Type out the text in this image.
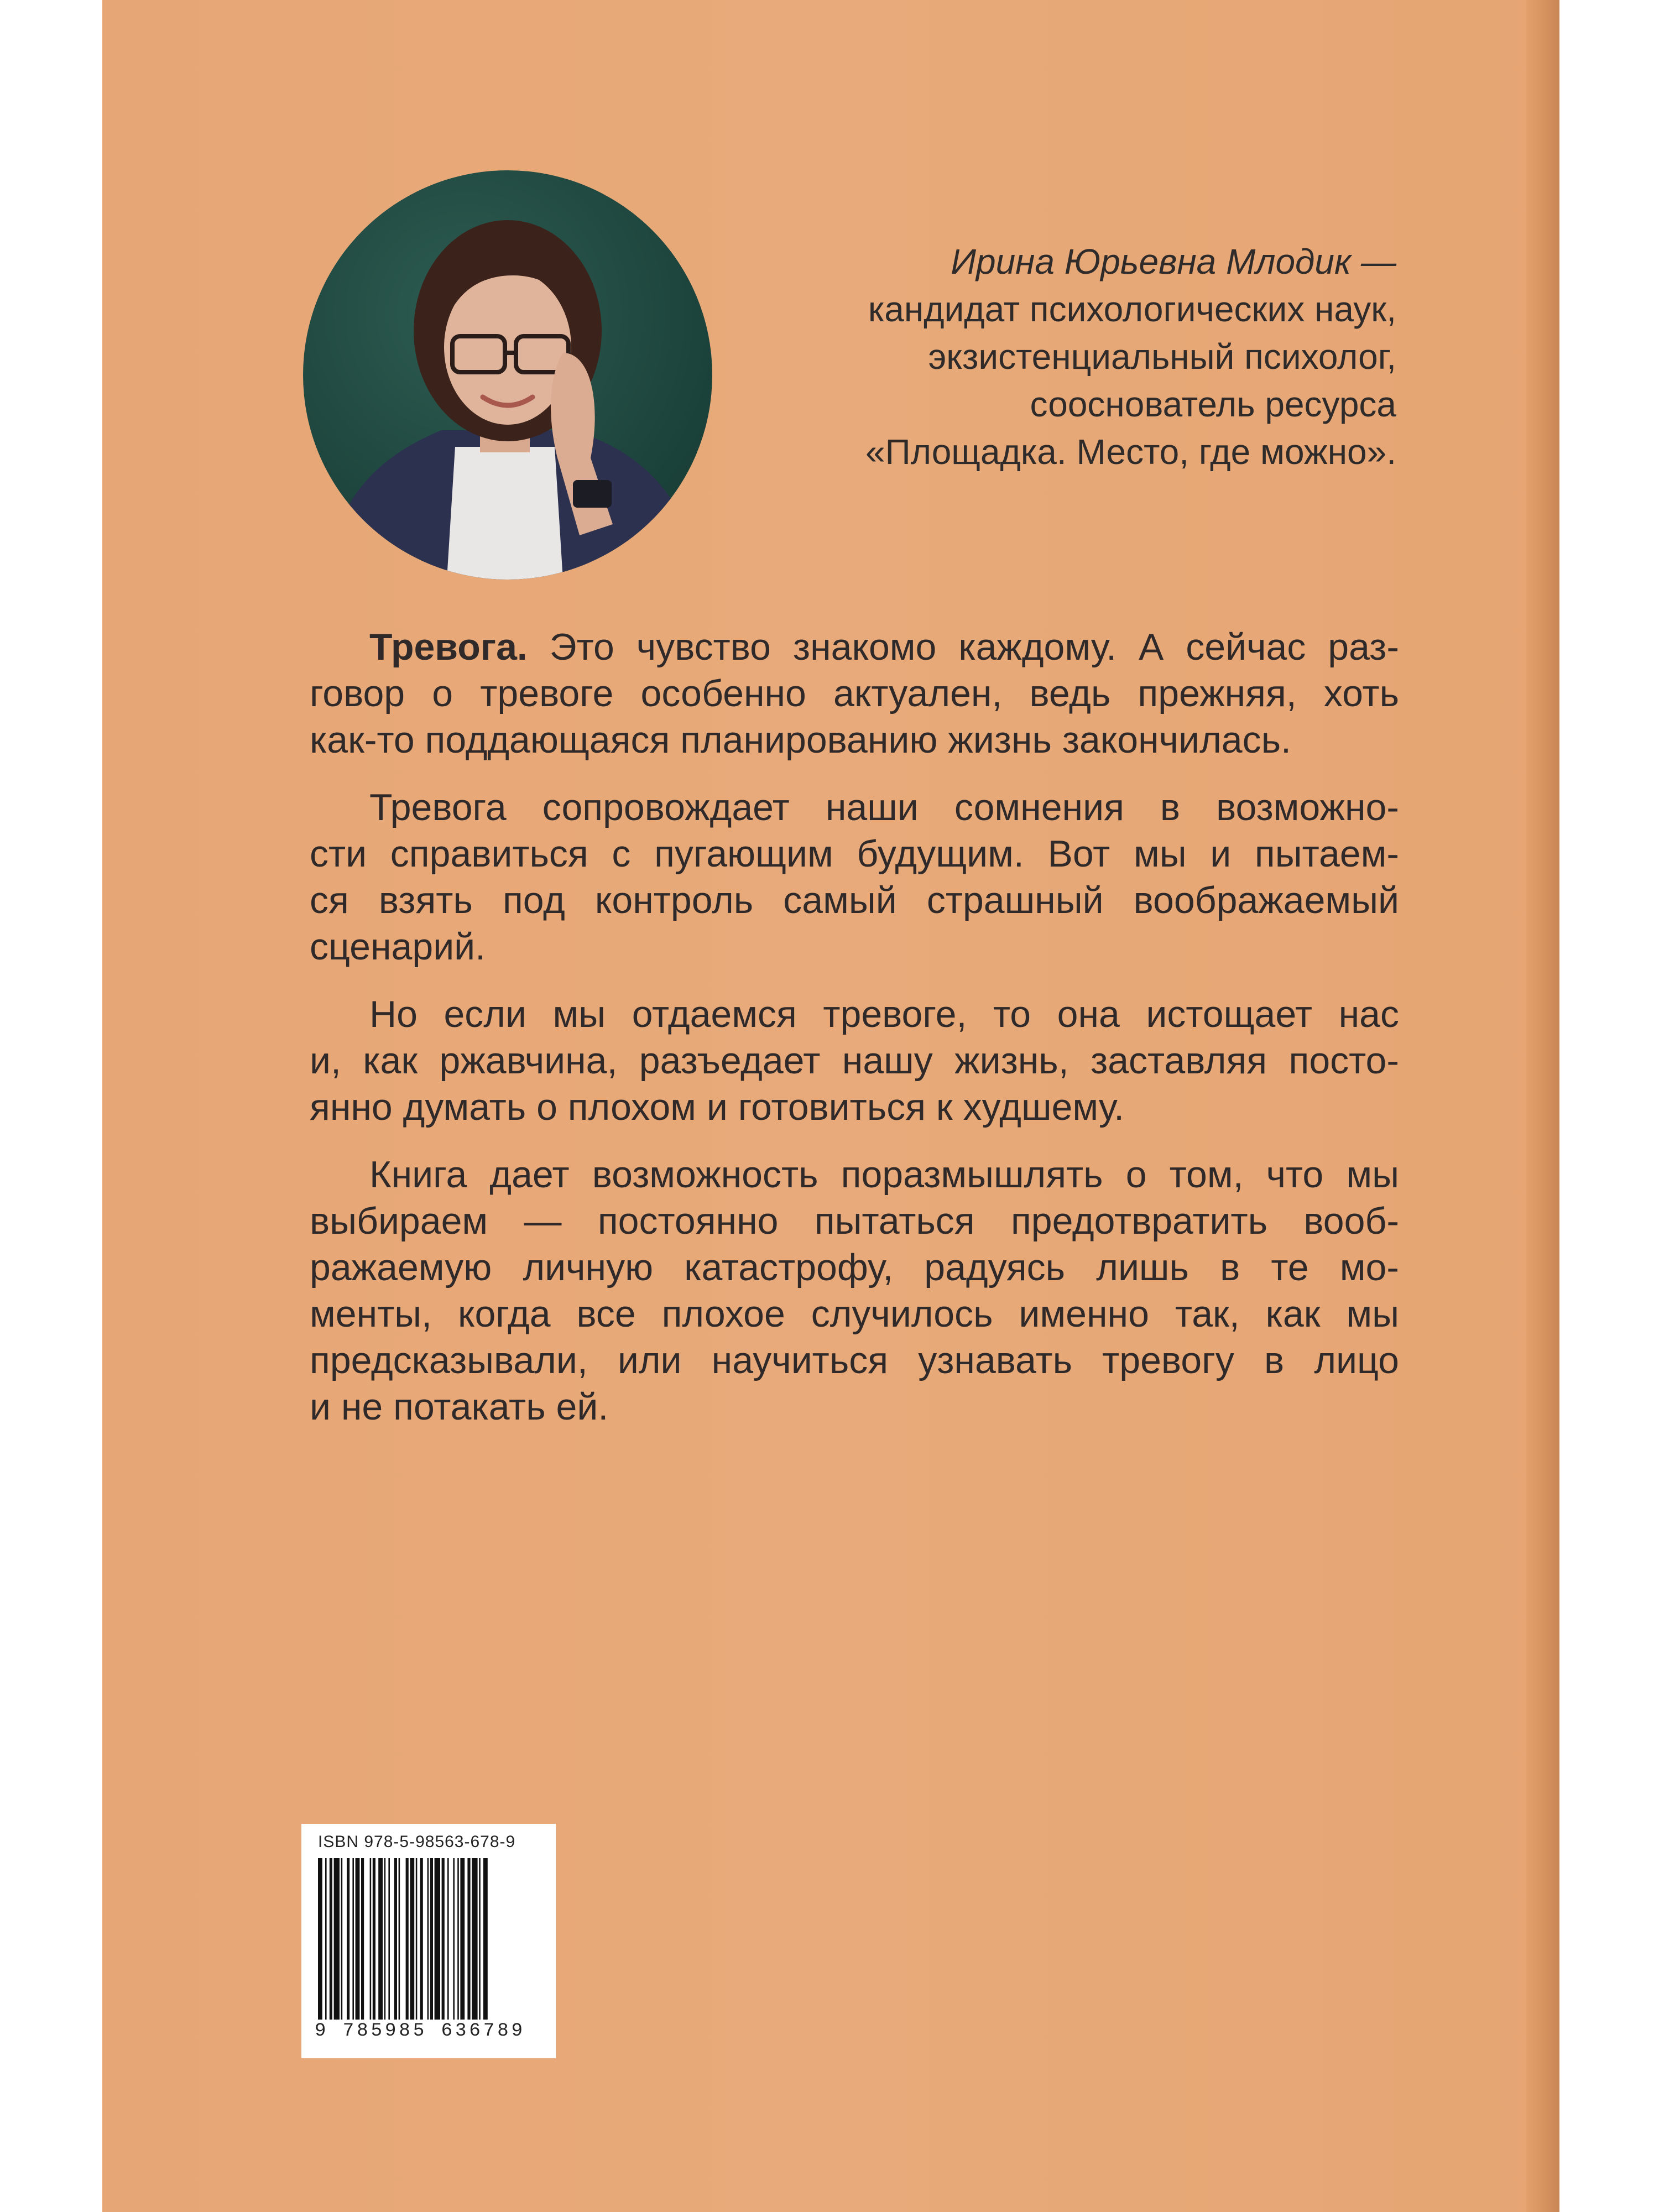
Ирина Юрьевна Млодик —
кандидат психологических наук,
экзистенциальный психолог,
сооснователь ресурса
«Площадка. Место, где можно».
Тревога. Это чувство знакомо каждому. А сейчас раз-
говор о тревоге особенно актуален, ведь прежняя, хоть
как-то поддающаяся планированию жизнь закончилась.
Тревога сопровождает наши сомнения в возможно-
сти справиться с пугающим будущим. Вот мы и пытаем-
ся взять под контроль самый страшный воображаемый
сценарий.
Но если мы отдаемся тревоге, то она истощает нас
и, как ржавчина, разъедает нашу жизнь, заставляя посто-
янно думать о плохом и готовиться к худшему.
Книга дает возможность поразмышлять о том, что мы
выбираем — постоянно пытаться предотвратить вооб-
ражаемую личную катастрофу, радуясь лишь в те мо-
менты, когда все плохое случилось именно так, как мы
предсказывали, или научиться узнавать тревогу в лицо
и не потакать ей.
ISBN 978-5-98563-678-9
9 785985 636789
